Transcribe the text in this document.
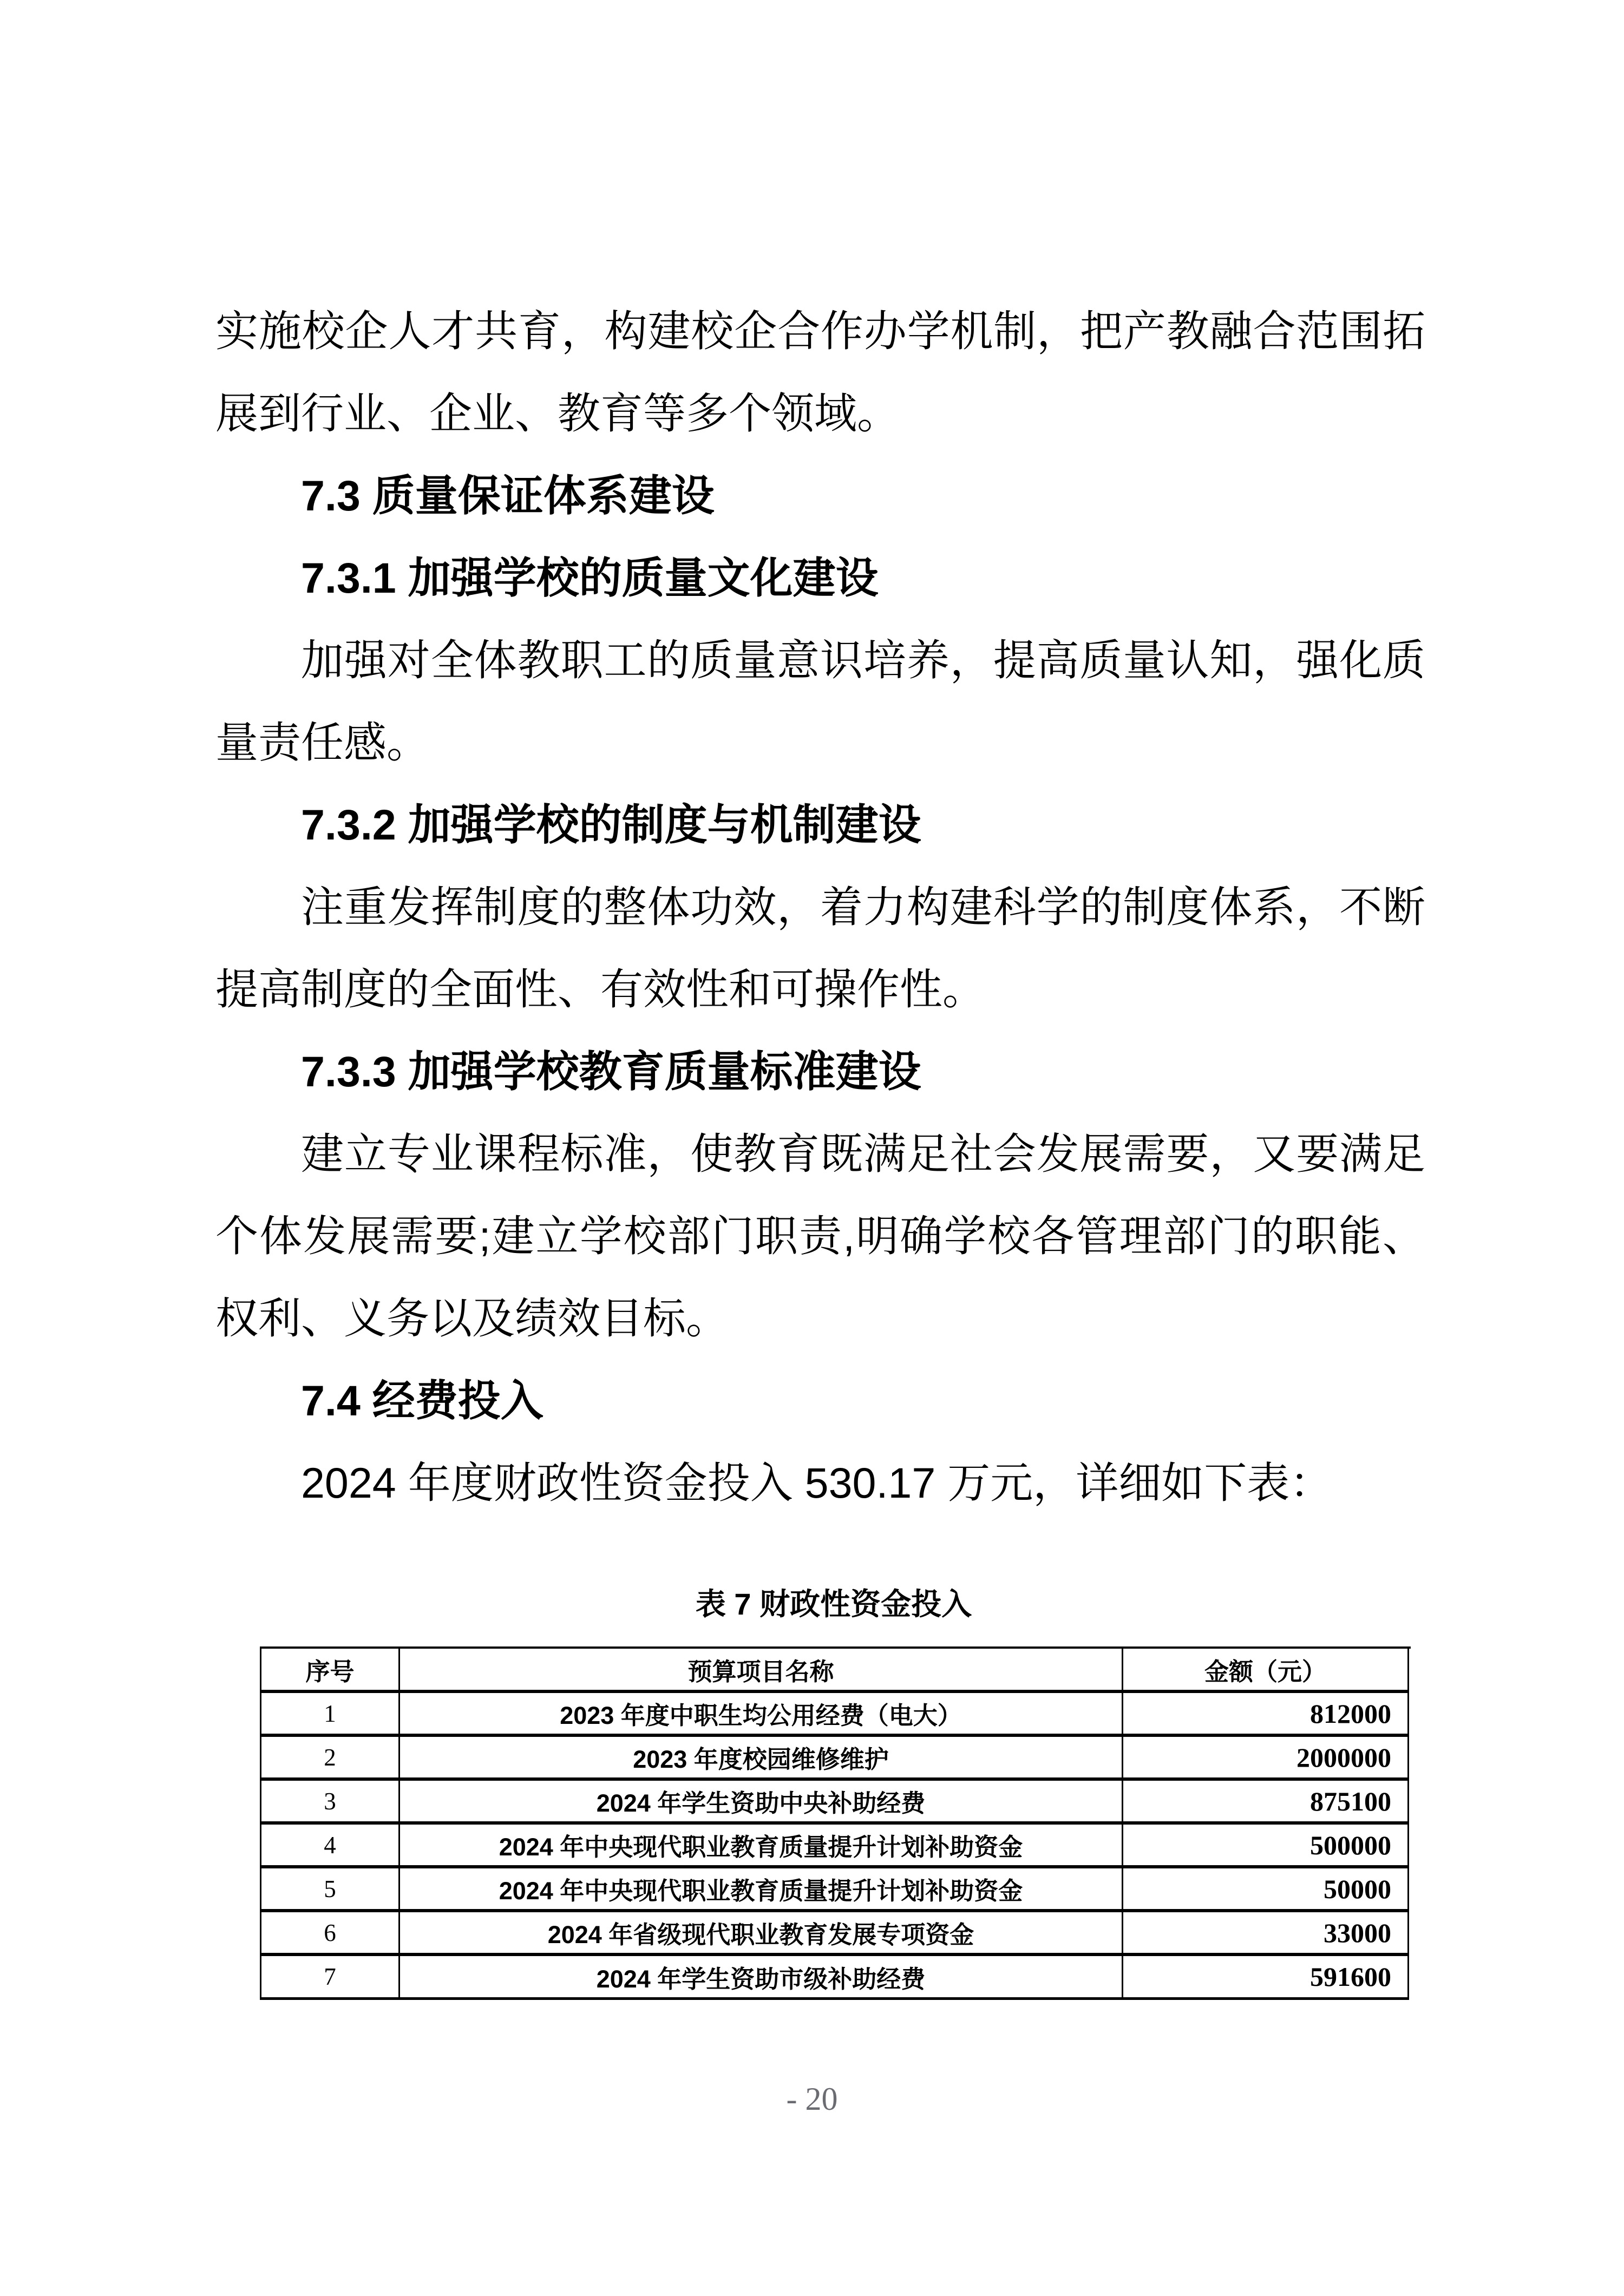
实施校企人才共育，构建校企合作办学机制，把产教融合范围拓
展到行业、企业、教育等多个领域。
7.3 质量保证体系建设
7.3.1 加强学校的质量文化建设
加强对全体教职工的质量意识培养，提高质量认知，强化质
量责任感。
7.3.2 加强学校的制度与机制建设
注重发挥制度的整体功效，着力构建科学的制度体系，不断
提高制度的全面性、有效性和可操作性。
7.3.3 加强学校教育质量标准建设
建立专业课程标准，使教育既满足社会发展需要，又要满足
个体发展需要;建立学校部门职责,明确学校各管理部门的职能、
权利、义务以及绩效目标。
7.4 经费投入
2024 年度财政性资金投入 530.17 万元，详细如下表：
表 7 财政性资金投入
序号	预算项目名称	金额（元）
1	2023 年度中职生均公用经费（电大）	812000
2	2023 年度校园维修维护	2000000
3	2024 年学生资助中央补助经费	875100
4	2024 年中央现代职业教育质量提升计划补助资金	500000
5	2024 年中央现代职业教育质量提升计划补助资金	50000
6	2024 年省级现代职业教育发展专项资金	33000
7	2024 年学生资助市级补助经费	591600
- 20
